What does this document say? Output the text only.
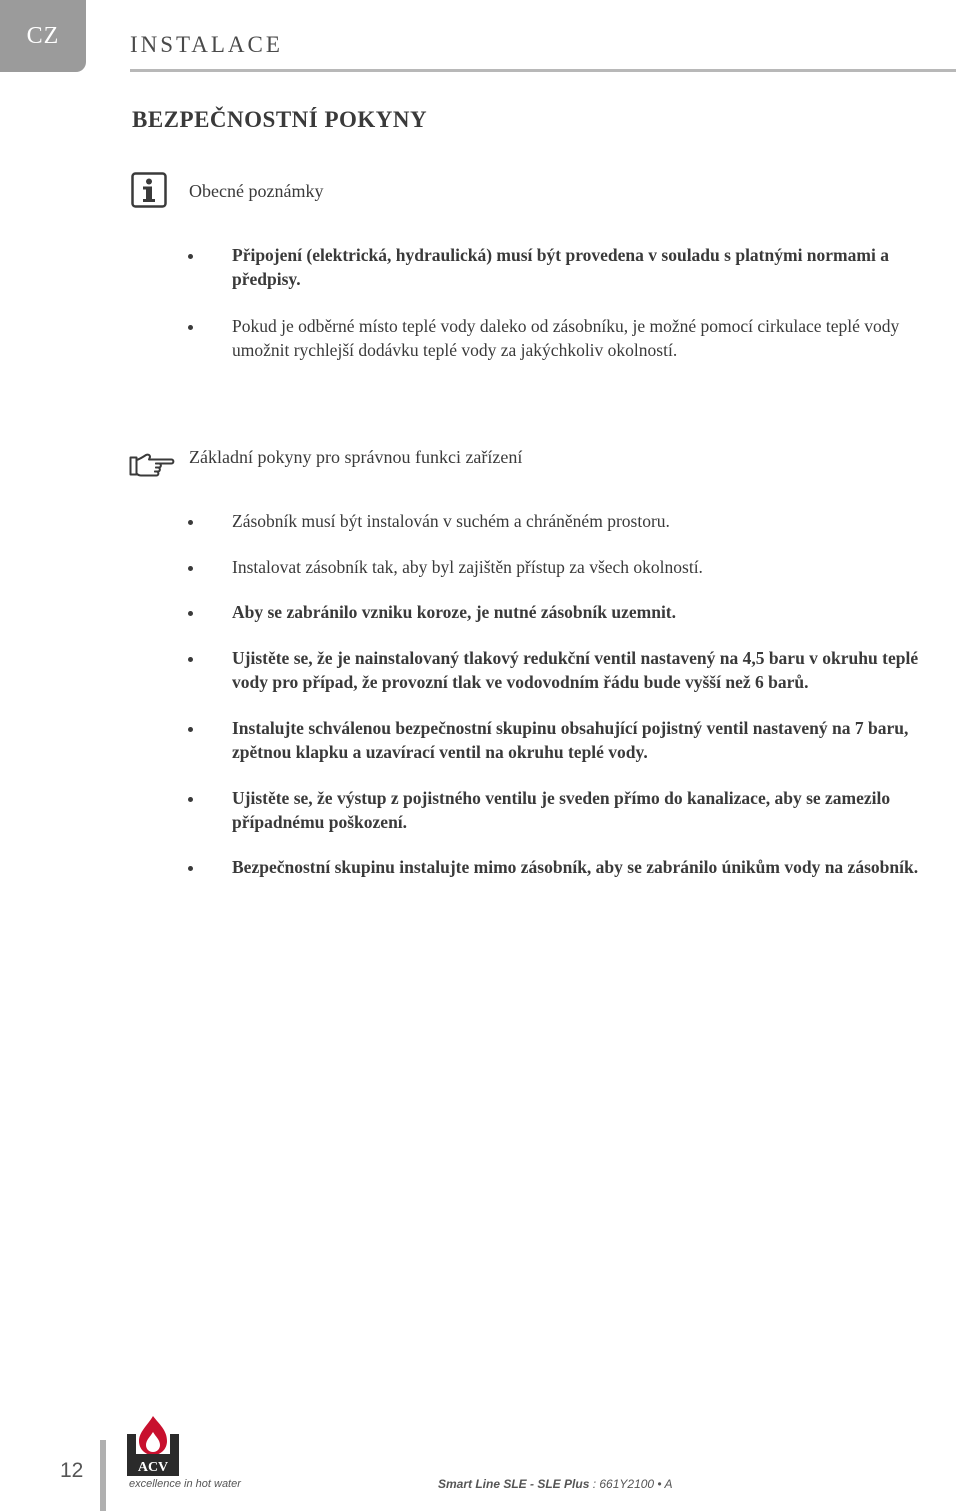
CZ	INSTALACE
BEZPEČNOSTNÍ POKYNY
Obecné poznámky
Připojení (elektrická, hydraulická) musí být provedena v souladu s platnými normami a předpisy.
Pokud je odběrné místo teplé vody daleko od zásobníku, je možné pomocí cirkulace teplé vody umožnit rychlejší dodávku teplé vody za jakýchkoliv okolností.
Základní pokyny pro správnou funkci zařízení
Zásobník musí být instalován v suchém a chráněném prostoru.
Instalovat zásobník tak, aby byl zajištěn přístup za všech okolností.
Aby se zabránilo vzniku koroze, je nutné zásobník uzemnit.
Ujistěte se, že je nainstalovaný tlakový redukční ventil nastavený na 4,5 baru v okruhu teplé vody pro případ, že provozní tlak ve vodovodním řádu bude vyšší než 6 barů.
Instalujte schválenou bezpečnostní skupinu obsahující pojistný ventil nastavený na 7 baru, zpětnou klapku a uzavírací ventil na okruhu teplé vody.
Ujistěte se, že výstup z pojistného ventilu je sveden přímo do kanalizace, aby se zamezilo případnému poškození.
Bezpečnostní skupinu instalujte mimo zásobník, aby se zabránilo únikům vody na zásobník.
12	ACV
excellence in hot water	Smart Line SLE - SLE Plus : 661Y2100 • A
